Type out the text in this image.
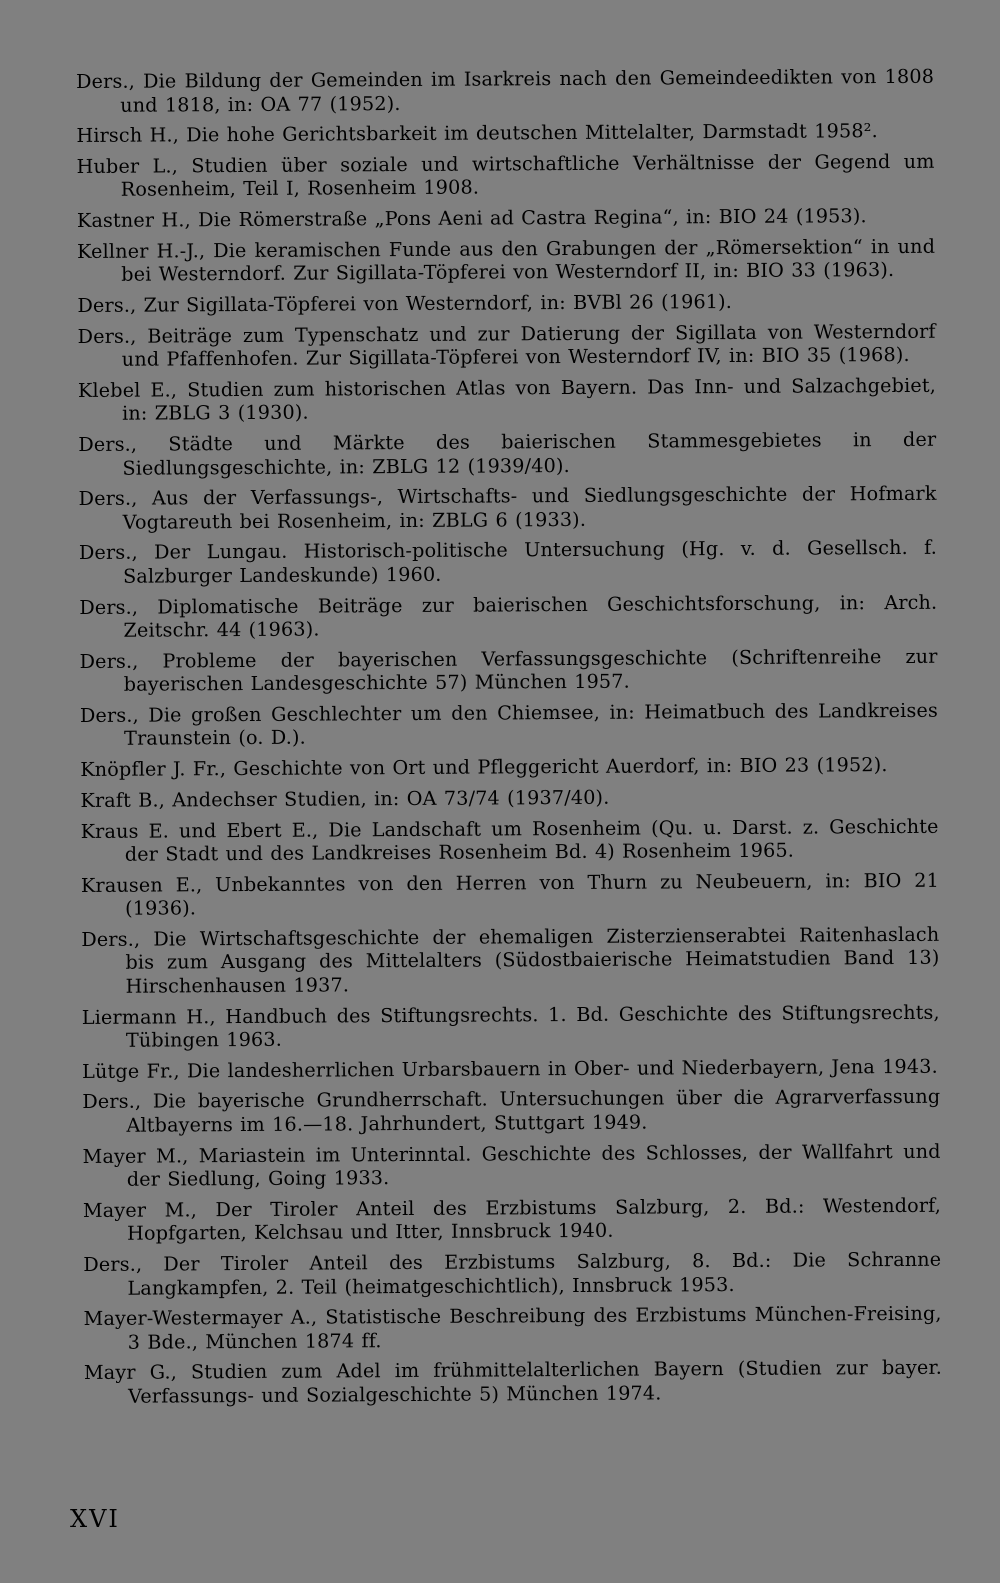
Ders., Die Bildung der Gemeinden im Isarkreis nach den Gemeindeedikten von 1808 und 1818, in: OA 77 (1952).

Hirsch H., Die hohe Gerichtsbarkeit im deutschen Mittelalter, Darmstadt 1958².

Huber L., Studien über soziale und wirtschaftliche Verhältnisse der Gegend um Rosenheim, Teil I, Rosenheim 1908.

Kastner H., Die Römerstraße „Pons Aeni ad Castra Regina“, in: BIO 24 (1953).

Kellner H.-J., Die keramischen Funde aus den Grabungen der „Römersektion“ in und bei Westerndorf. Zur Sigillata-Töpferei von Westerndorf II, in: BIO 33 (1963).

Ders., Zur Sigillata-Töpferei von Westerndorf, in: BVBl 26 (1961).

Ders., Beiträge zum Typenschatz und zur Datierung der Sigillata von Westerndorf und Pfaffenhofen. Zur Sigillata-Töpferei von Westerndorf IV, in: BIO 35 (1968).

Klebel E., Studien zum historischen Atlas von Bayern. Das Inn- und Salzachgebiet, in: ZBLG 3 (1930).

Ders., Städte und Märkte des baierischen Stammesgebietes in der Siedlungsgeschichte, in: ZBLG 12 (1939/40).

Ders., Aus der Verfassungs-, Wirtschafts- und Siedlungsgeschichte der Hofmark Vogtareuth bei Rosenheim, in: ZBLG 6 (1933).

Ders., Der Lungau. Historisch-politische Untersuchung (Hg. v. d. Gesellsch. f. Salzburger Landeskunde) 1960.

Ders., Diplomatische Beiträge zur baierischen Geschichtsforschung, in: Arch. Zeitschr. 44 (1963).

Ders., Probleme der bayerischen Verfassungsgeschichte (Schriftenreihe zur bayerischen Landesgeschichte 57) München 1957.

Ders., Die großen Geschlechter um den Chiemsee, in: Heimatbuch des Landkreises Traunstein (o. D.).

Knöpfler J. Fr., Geschichte von Ort und Pfleggericht Auerdorf, in: BIO 23 (1952).

Kraft B., Andechser Studien, in: OA 73/74 (1937/40).

Kraus E. und Ebert E., Die Landschaft um Rosenheim (Qu. u. Darst. z. Geschichte der Stadt und des Landkreises Rosenheim Bd. 4) Rosenheim 1965.

Krausen E., Unbekanntes von den Herren von Thurn zu Neubeuern, in: BIO 21 (1936).

Ders., Die Wirtschaftsgeschichte der ehemaligen Zisterzienserabtei Raitenhaslach bis zum Ausgang des Mittelalters (Südostbaierische Heimatstudien Band 13) Hirschenhausen 1937.

Liermann H., Handbuch des Stiftungsrechts. 1. Bd. Geschichte des Stiftungsrechts, Tübingen 1963.

Lütge Fr., Die landesherrlichen Urbarsbauern in Ober- und Niederbayern, Jena 1943.

Ders., Die bayerische Grundherrschaft. Untersuchungen über die Agrarverfassung Altbayerns im 16.—18. Jahrhundert, Stuttgart 1949.

Mayer M., Mariastein im Unterinntal. Geschichte des Schlosses, der Wallfahrt und der Siedlung, Going 1933.

Mayer M., Der Tiroler Anteil des Erzbistums Salzburg, 2. Bd.: Westendorf, Hopfgarten, Kelchsau und Itter, Innsbruck 1940.

Ders., Der Tiroler Anteil des Erzbistums Salzburg, 8. Bd.: Die Schranne Langkampfen, 2. Teil (heimatgeschichtlich), Innsbruck 1953.

Mayer-Westermayer A., Statistische Beschreibung des Erzbistums München-Freising, 3 Bde., München 1874 ff.

Mayr G., Studien zum Adel im frühmittelalterlichen Bayern (Studien zur bayer. Verfassungs- und Sozialgeschichte 5) München 1974.

XVI
